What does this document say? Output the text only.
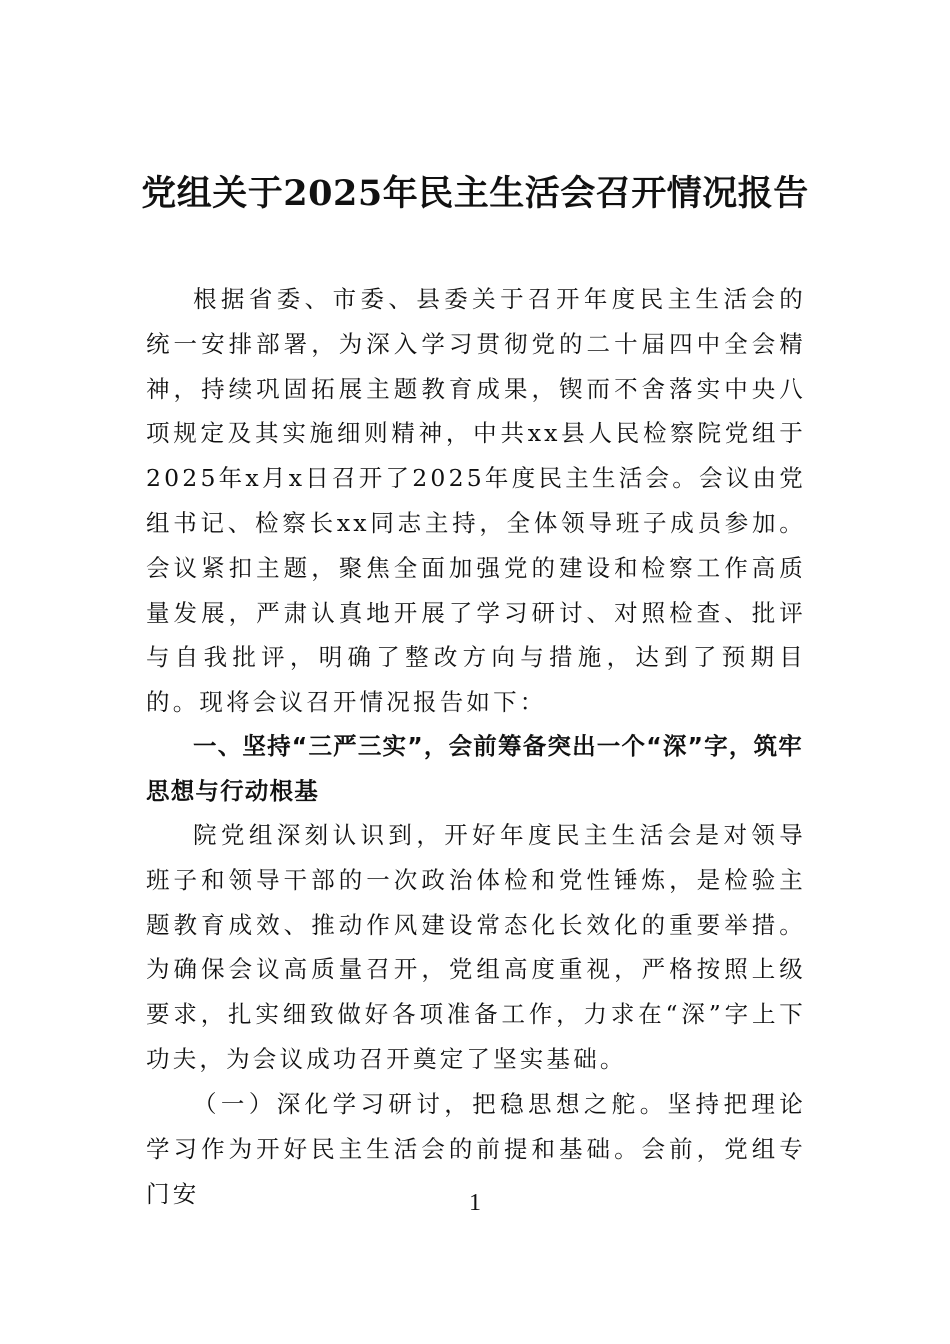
党组关于2025年民主生活会召开情况报告

根据省委、市委、县委关于召开年度民主生活会的统一安排部署，为深入学习贯彻党的二十届四中全会精神，持续巩固拓展主题教育成果，锲而不舍落实中央八项规定及其实施细则精神，中共xx县人民检察院党组于2025年x月x日召开了2025年度民主生活会。会议由党组书记、检察长xx同志主持，全体领导班子成员参加。会议紧扣主题，聚焦全面加强党的建设和检察工作高质量发展，严肃认真地开展了学习研讨、对照检查、批评与自我批评，明确了整改方向与措施，达到了预期目的。现将会议召开情况报告如下：

一、坚持“三严三实”，会前筹备突出一个“深”字，筑牢思想与行动根基

院党组深刻认识到，开好年度民主生活会是对领导班子和领导干部的一次政治体检和党性锤炼，是检验主题教育成效、推动作风建设常态化长效化的重要举措。为确保会议高质量召开，党组高度重视，严格按照上级要求，扎实细致做好各项准备工作，力求在“深”字上下功夫，为会议成功召开奠定了坚实基础。

（一）深化学习研讨，把稳思想之舵。坚持把理论学习作为开好民主生活会的前提和基础。会前，党组专门安	1
